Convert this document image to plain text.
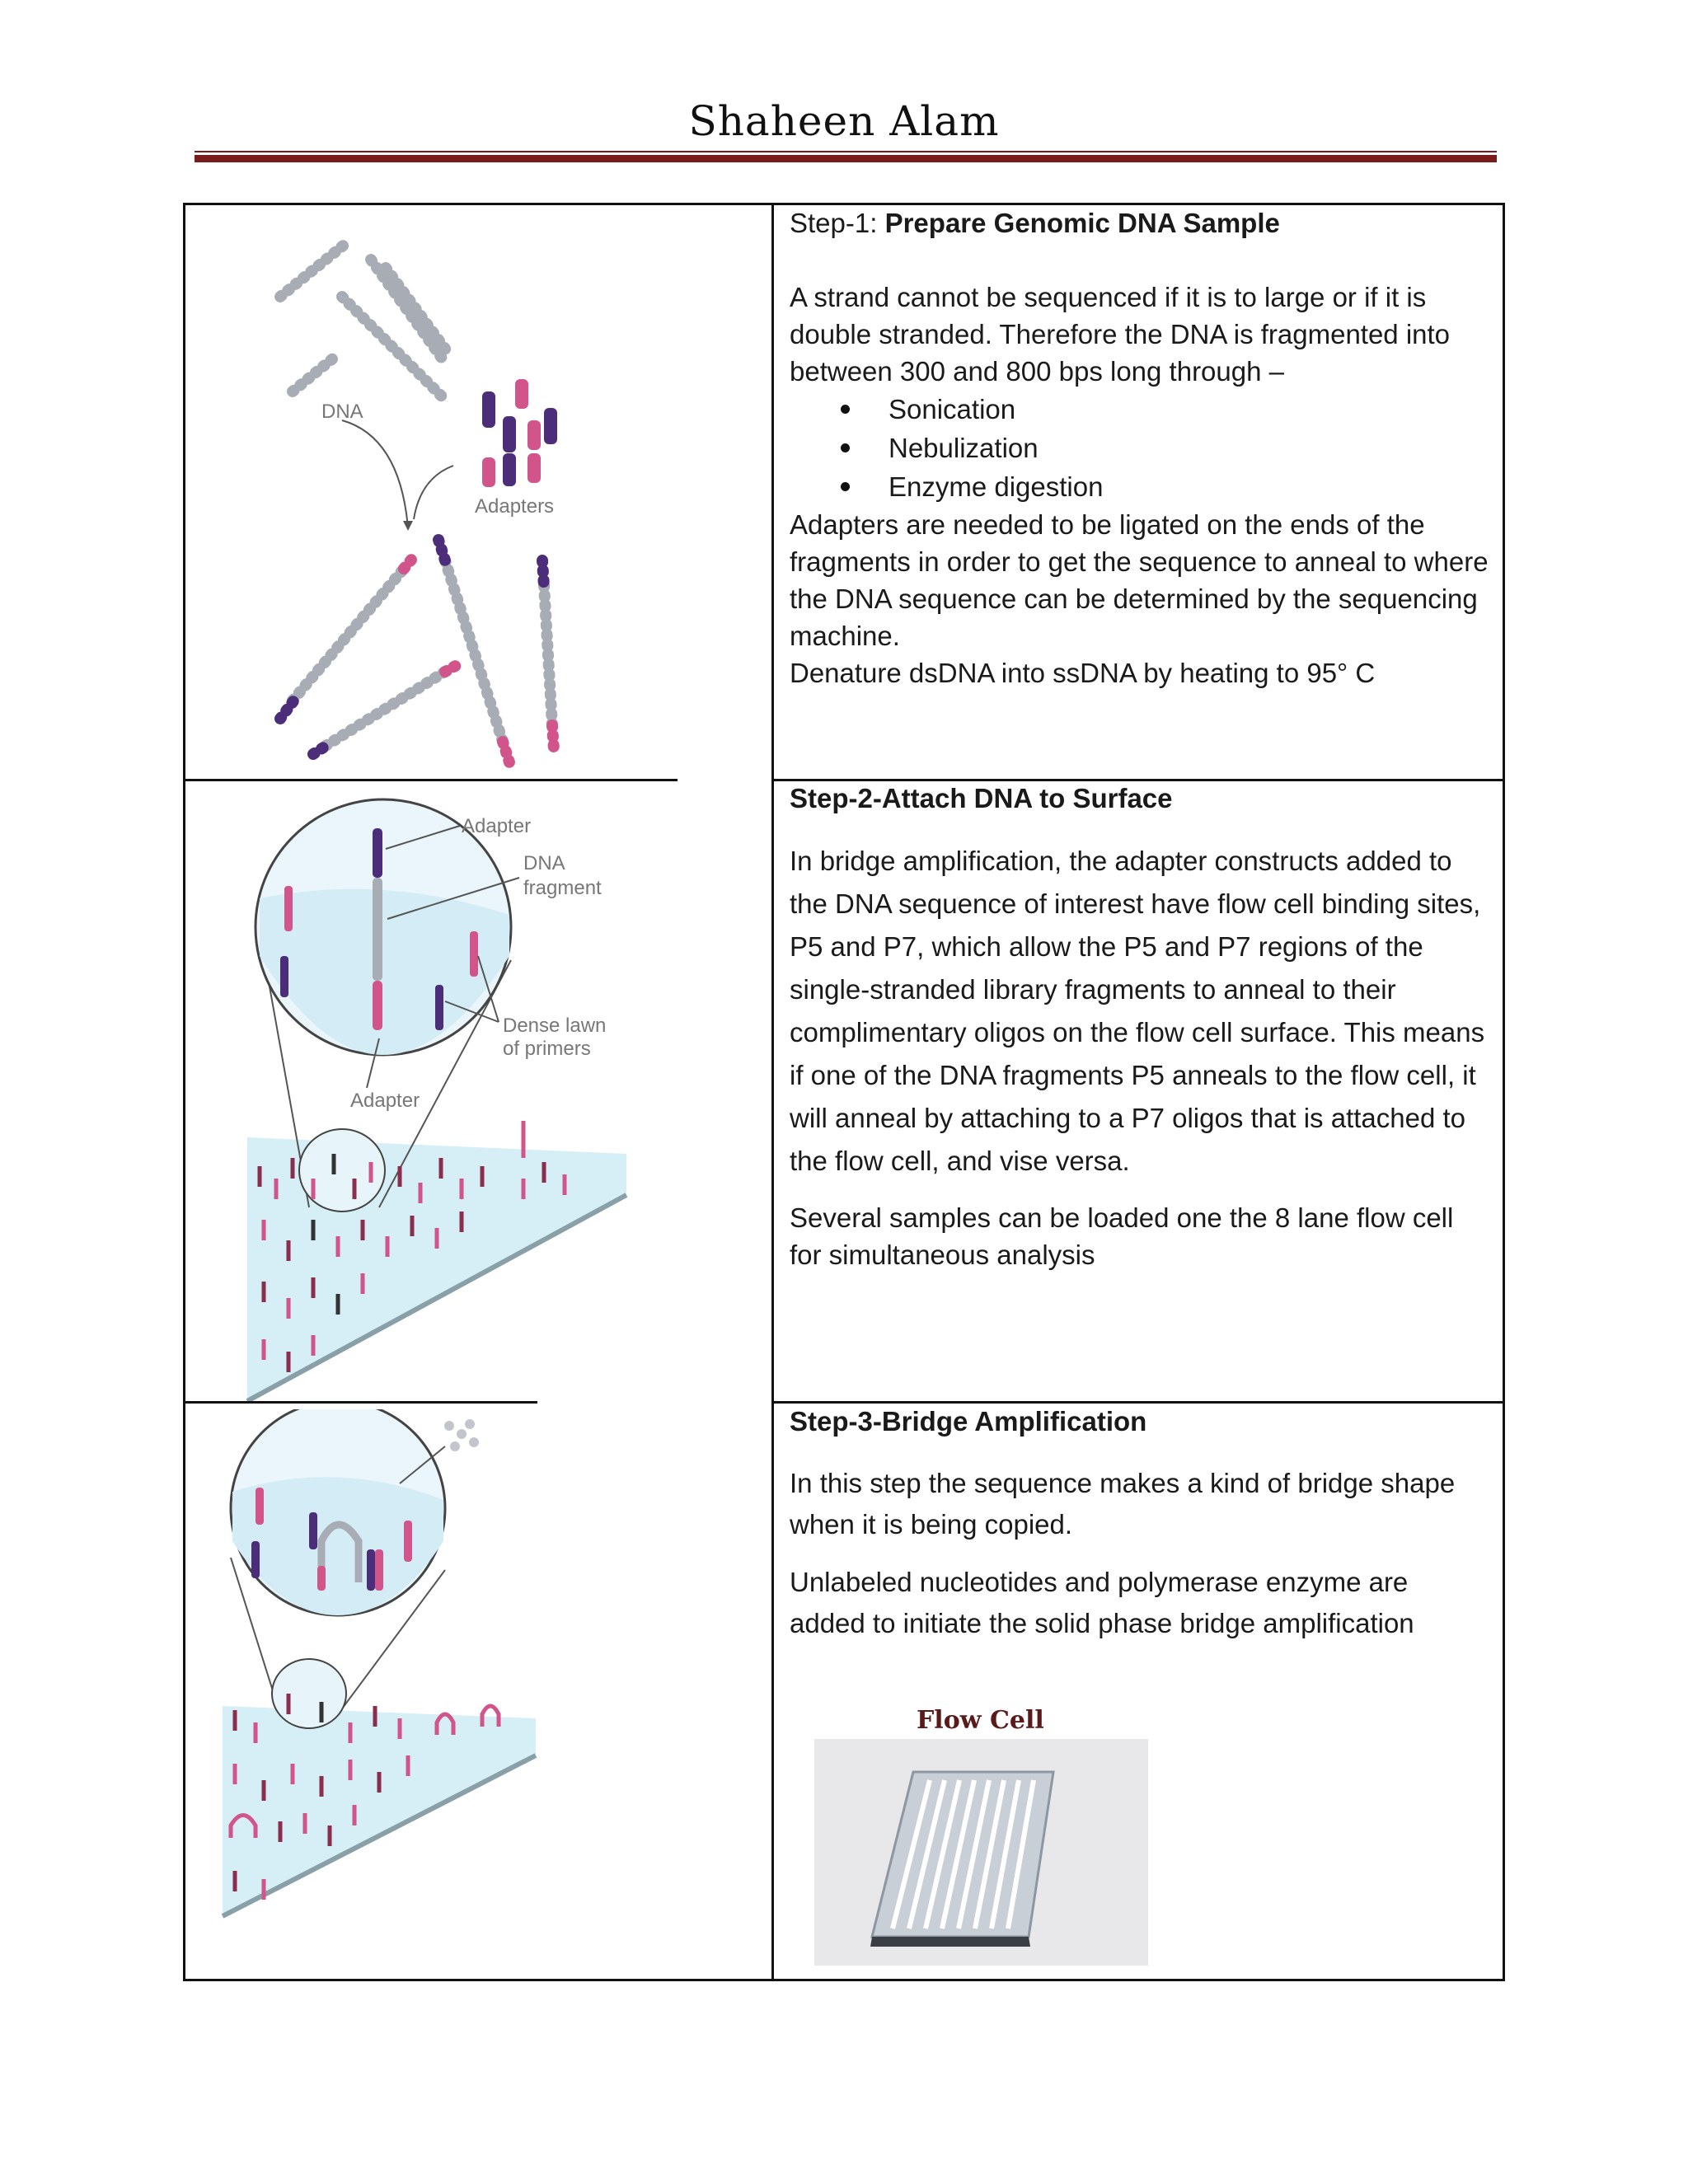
Shaheen Alam
DNA
Adapters

Step-1: Prepare Genomic DNA Sample

A strand cannot be sequenced if it is to large or if it is double stranded. Therefore the DNA is fragmented into between 300 and 800 bps long through –

Sonication
Nebulization
Enzyme digestion

Adapters are needed to be ligated on the ends of the fragments in order to get the sequence to anneal to where the DNA sequence can be determined by the sequencing machine.

Denature dsDNA into ssDNA by heating to 95° C

Adapter
DNA
fragment
Dense lawn
of primers
Adapter

Step-2-Attach DNA to Surface

In bridge amplification, the adapter constructs added to the DNA sequence of interest have flow cell binding sites, P5 and P7, which allow the P5 and P7 regions of the single-stranded library fragments to anneal to their complimentary oligos on the flow cell surface. This means if one of the DNA fragments P5 anneals to the flow cell, it will anneal by attaching to a P7 oligos that is attached to the flow cell, and vise versa.

Several samples can be loaded one the 8 lane flow cell for simultaneous analysis

Step-3-Bridge Amplification

In this step the sequence makes a kind of bridge shape when it is being copied.

Unlabeled nucleotides and polymerase enzyme are added to initiate the solid phase bridge amplification

Flow Cell
